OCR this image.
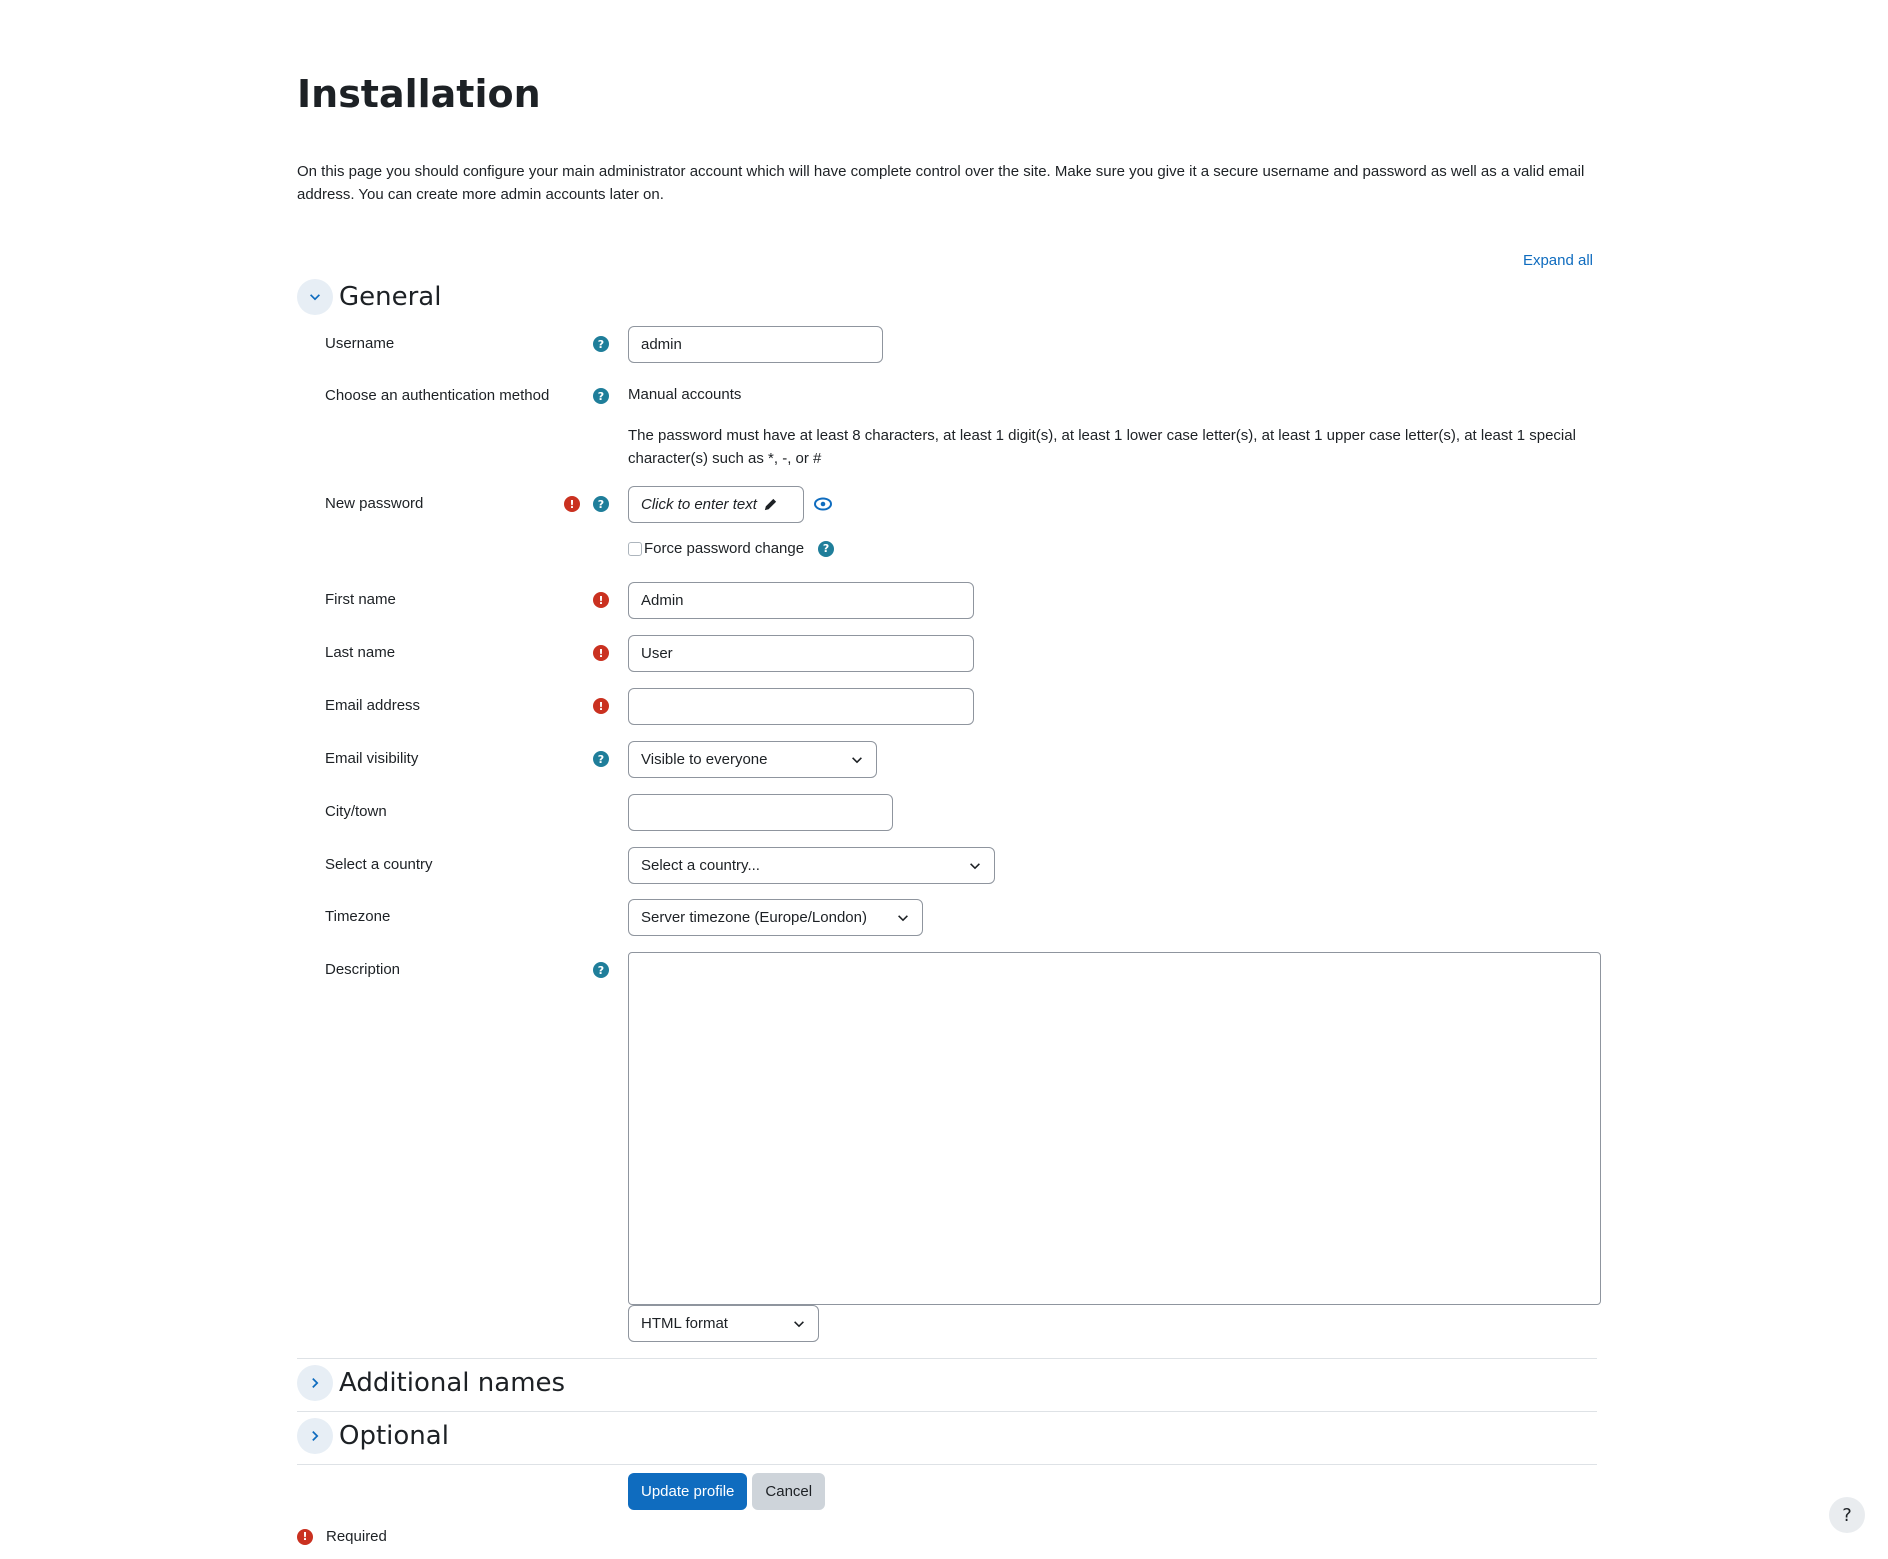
Installation

On this page you should configure your main administrator account which will have complete control over the site. Make sure you give it a secure username and password as well as a valid email address. You can create more admin accounts later on.

Expand all
General
Username	?	admin
Choose an authentication method	?	Manual accounts
The password must have at least 8 characters, at least 1 digit(s), at least 1 lower case letter(s), at least 1 upper case letter(s), at least 1 special character(s) such as *, -, or #
New password	!	?	Click to enter text
Force password change	?
First name	!	Admin
Last name	!	User
Email address	!
Email visibility	?	Visible to everyone
City/town
Select a country	Select a country...
Timezone	Server timezone (Europe/London)
Description	?
HTML format
Additional names
Optional
Update profile	Cancel
!	Required
?
